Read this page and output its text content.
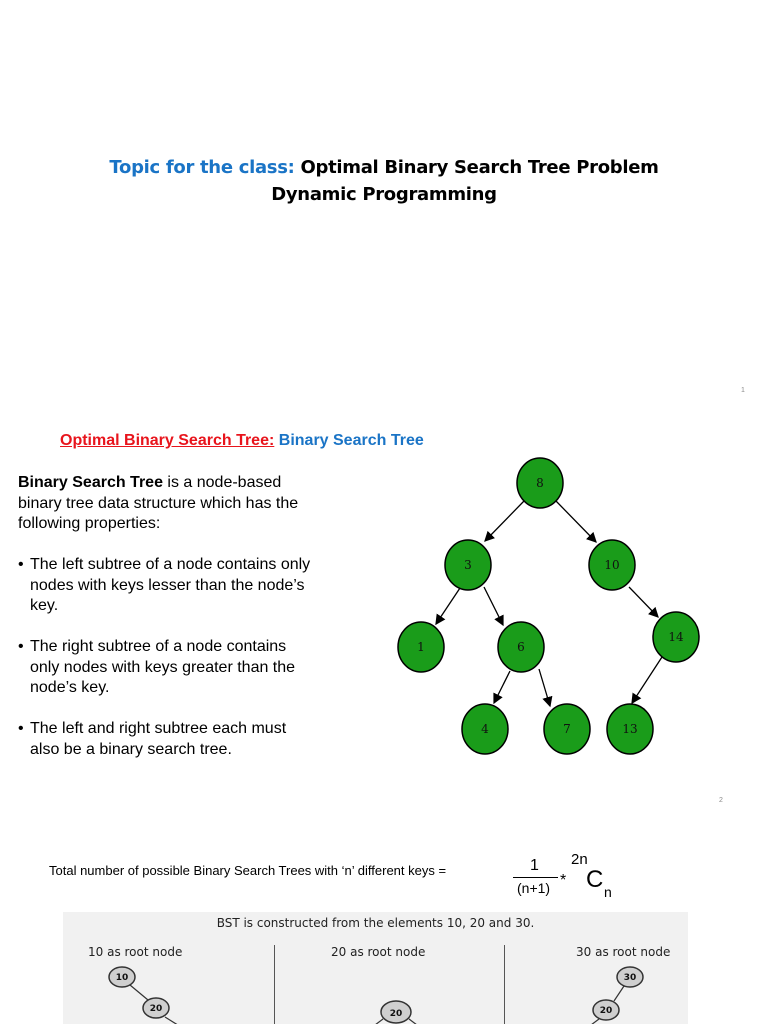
Topic for the class: Optimal Binary Search Tree Problem
Dynamic Programming
1
Optimal Binary Search Tree: Binary Search Tree

Binary Search Tree is a node-based binary tree data structure which has the following properties:

• The left subtree of a node contains only nodes with keys lesser than the node’s key.
• The right subtree of a node contains only nodes with keys greater than the node’s key.
• The left and right subtree each must also be a binary search tree.
8
3	10
14
1	6
4	7	13
2
Total number of possible Binary Search Trees with ‘n’ different keys =	1
(n+1) *
2n
C n
BST is constructed from the elements 10, 20 and 30.
10 as root node	20 as root node	30 as root node
10
20	20
30
20
